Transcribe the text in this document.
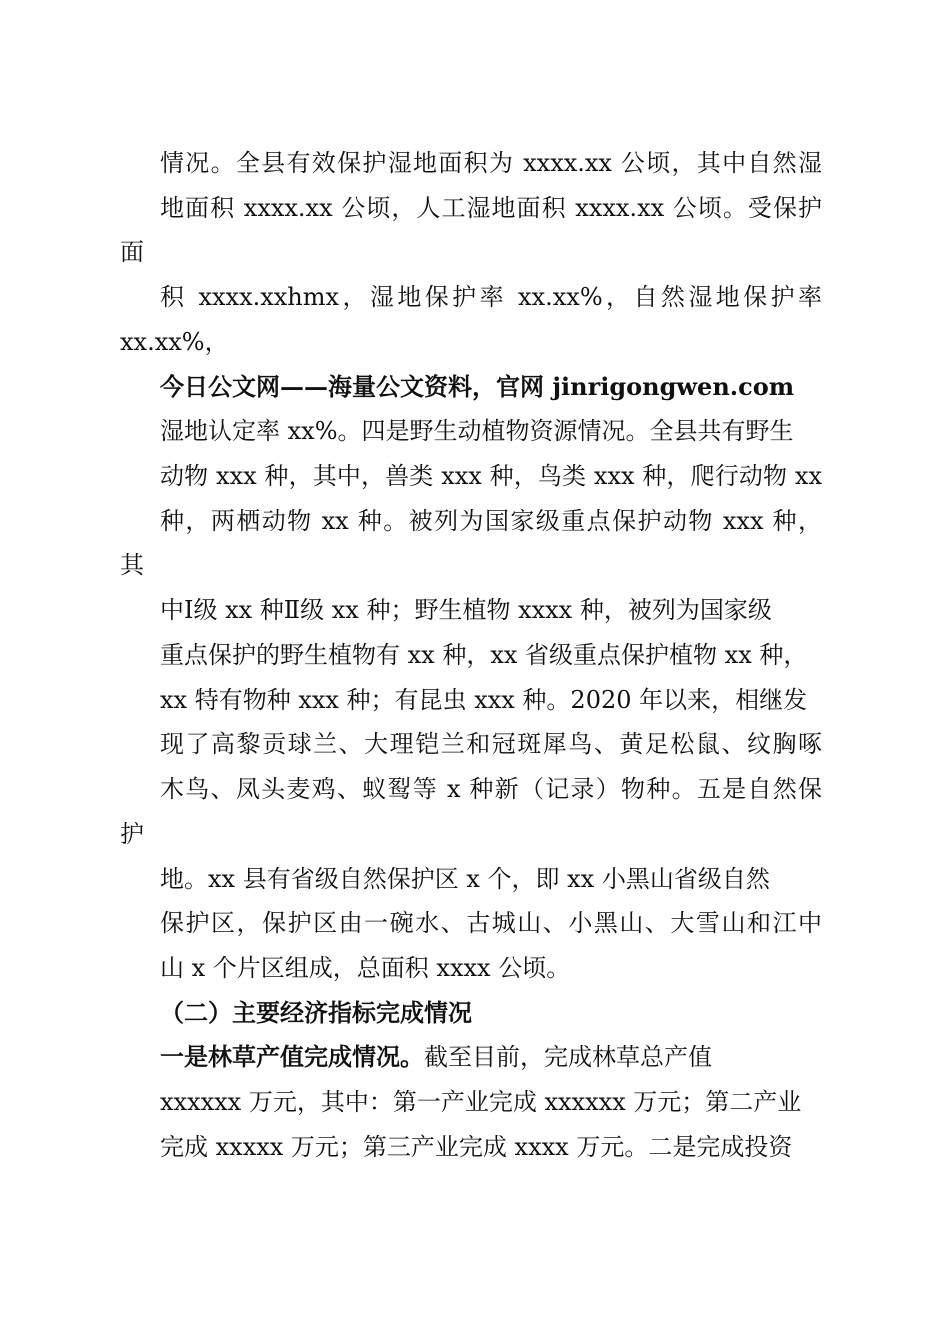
情况。全县有效保护湿地面积为 xxxx.xx 公顷，其中自然湿
地面积 xxxx.xx 公顷，人工湿地面积 xxxx.xx 公顷。受保护
面
积 xxxx.xxhmx，湿地保护率 xx.xx%，自然湿地保护率
xx.xx%，
今日公文网——海量公文资料，官网 jinrigongwen.com
湿地认定率 xx%。四是野生动植物资源情况。全县共有野生
动物 xxx 种，其中，兽类 xxx 种，鸟类 xxx 种，爬行动物 xx
种，两栖动物 xx 种。被列为国家级重点保护动物 xxx 种，
其
中Ⅰ级 xx 种Ⅱ级 xx 种；野生植物 xxxx 种，被列为国家级
重点保护的野生植物有 xx 种，xx 省级重点保护植物 xx 种，
xx 特有物种 xxx 种；有昆虫 xxx 种。2020 年以来，相继发
现了高黎贡球兰、大理铠兰和冠斑犀鸟、黄足松鼠、纹胸啄
木鸟、凤头麦鸡、蚁䴕等 x 种新（记录）物种。五是自然保
护
地。xx 县有省级自然保护区 x 个，即 xx 小黑山省级自然
保护区，保护区由一碗水、古城山、小黑山、大雪山和江中
山 x 个片区组成，总面积 xxxx 公顷。
（二）主要经济指标完成情况
一是林草产值完成情况。截至目前，完成林草总产值
xxxxxx 万元，其中：第一产业完成 xxxxxx 万元；第二产业
完成 xxxxx 万元；第三产业完成 xxxx 万元。二是完成投资
